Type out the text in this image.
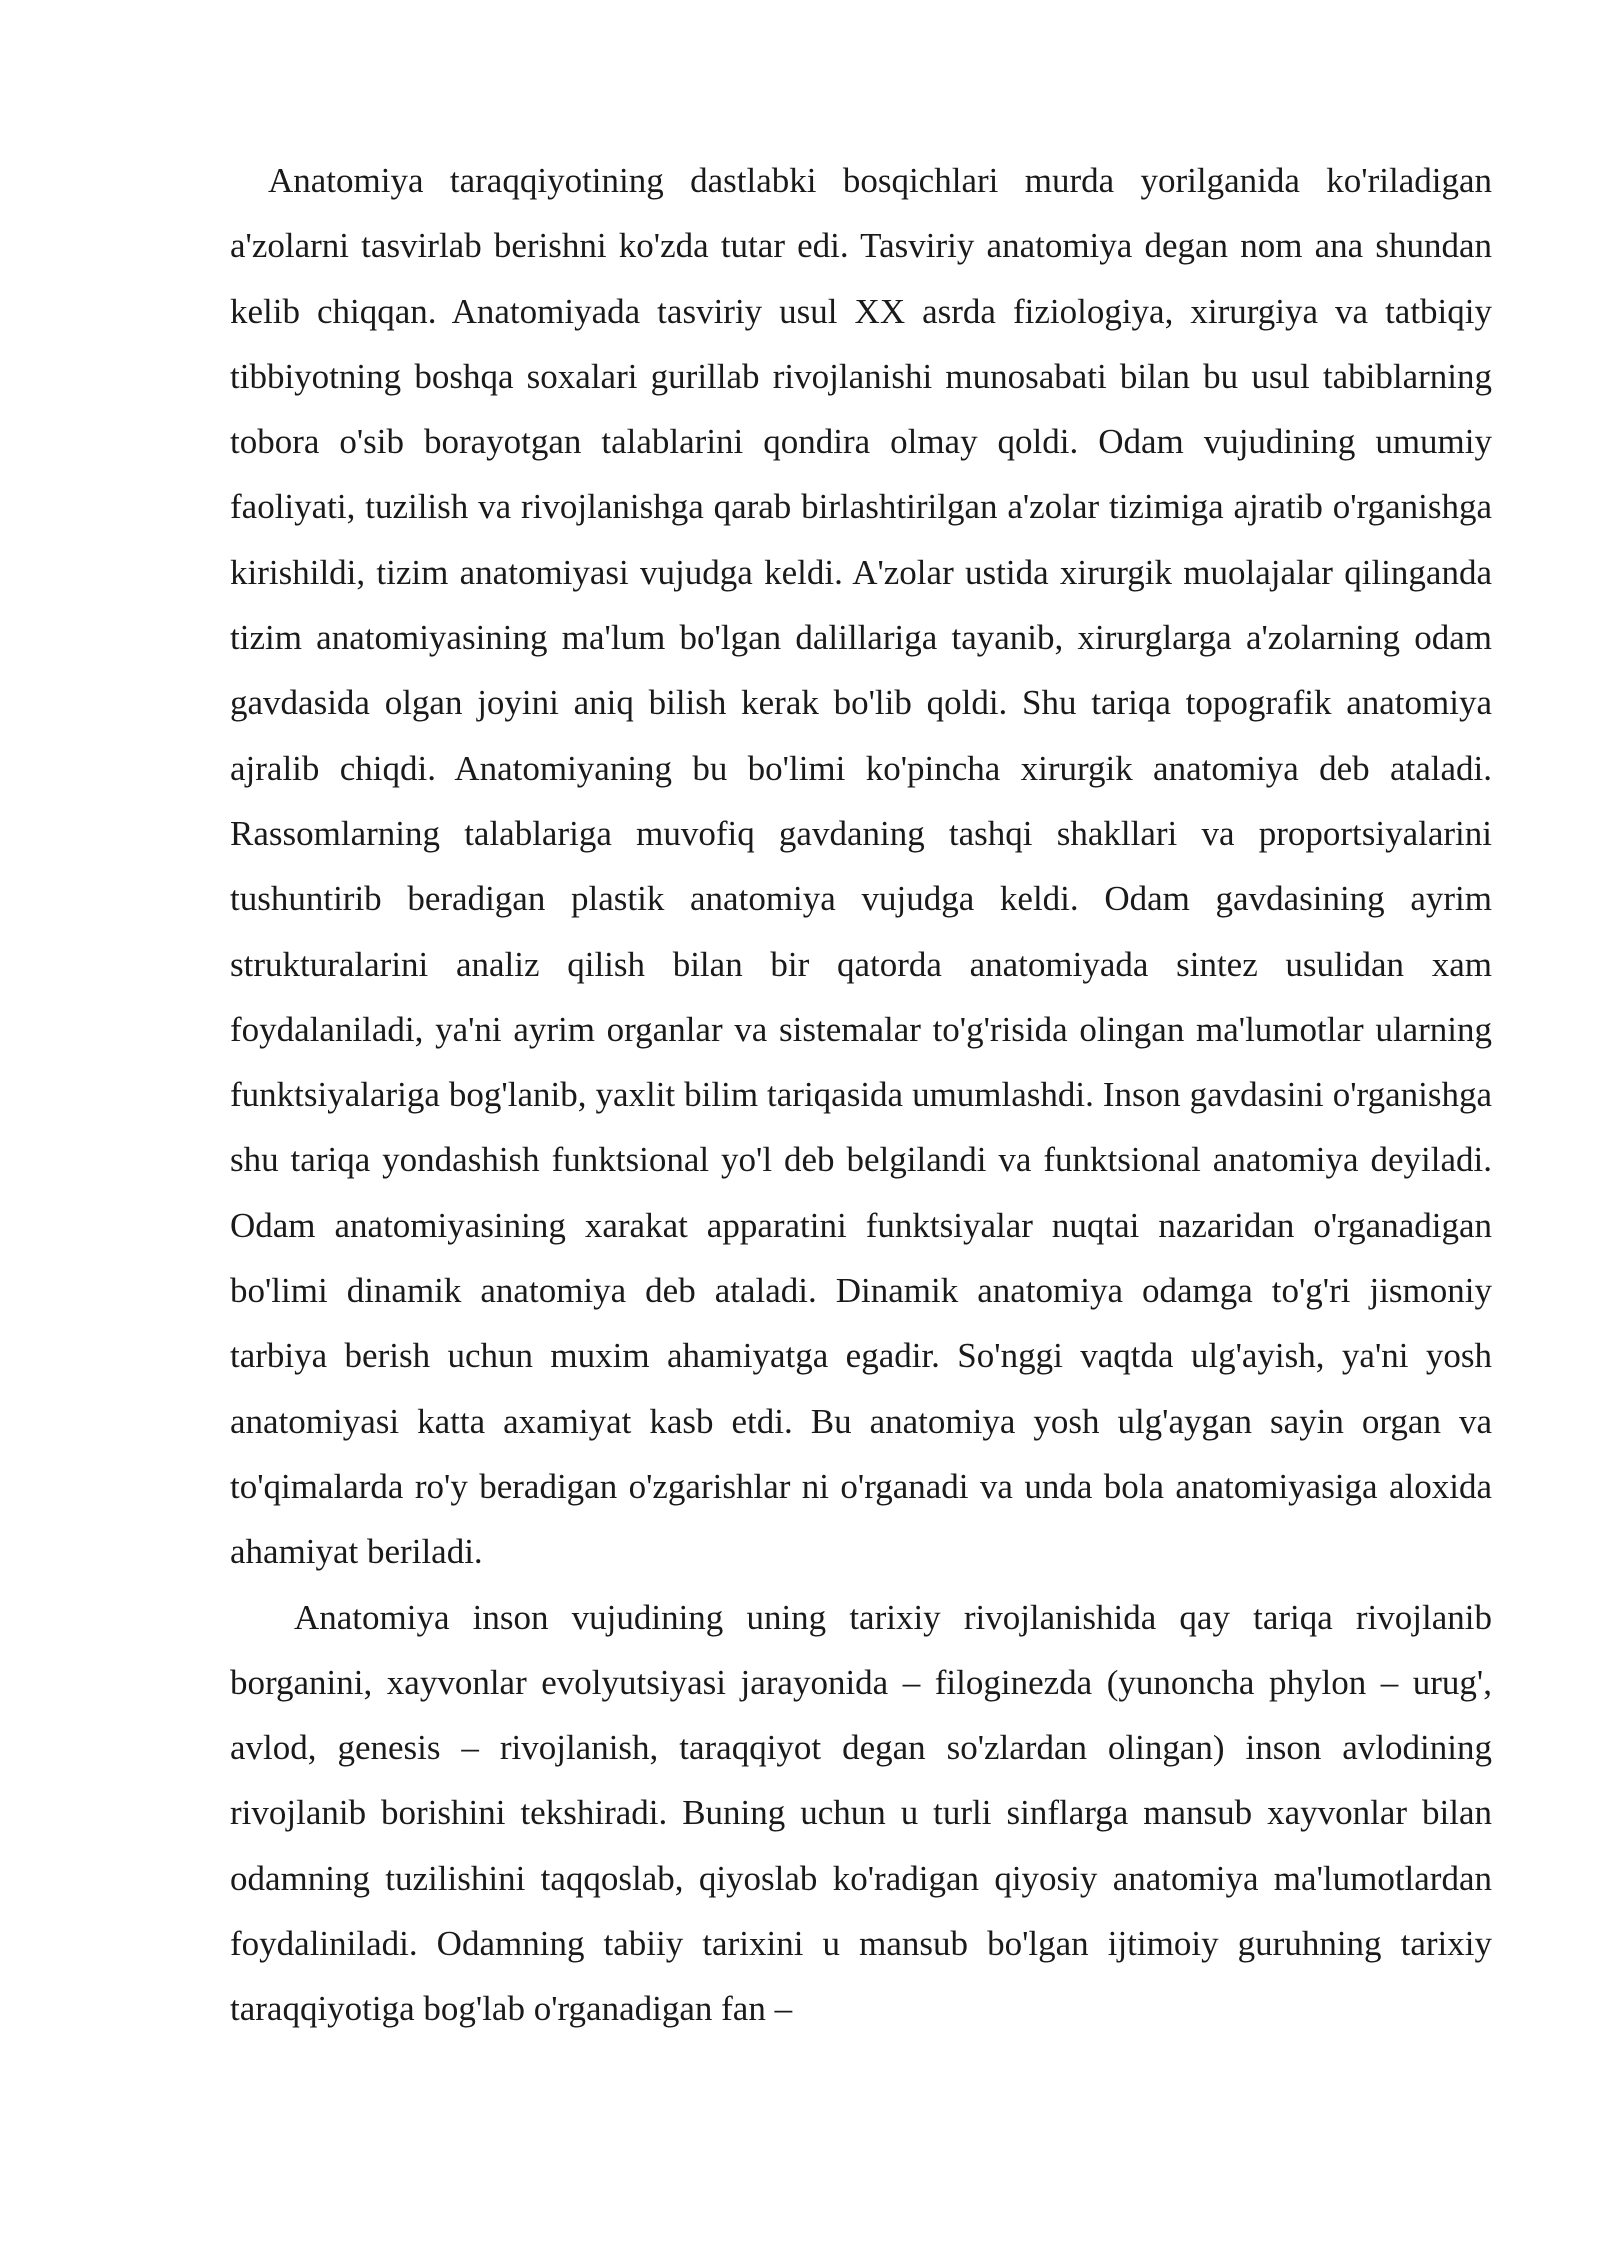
Anatomiya taraqqiyotining dastlabki bosqichlari murda yorilganida ko'riladigan a'zolarni tasvirlab berishni ko'zda tutar edi. Tasviriy anatomiya degan nom ana shundan kelib chiqqan. Anatomiyada tasviriy usul XX asrda fiziologiya, xirurgiya va tatbiqiy tibbiyotning boshqa soxalari gurillab rivojlanishi munosabati bilan bu usul tabiblarning tobora o'sib borayotgan talablarini qondira olmay qoldi. Odam vujudining umumiy faoliyati, tuzilish va rivojlanishga qarab birlashtirilgan a'zolar tizimiga ajratib o'rganishga kirishildi, tizim anatomiyasi vujudga keldi. A'zolar ustida xirurgik muolajalar qilinganda tizim anatomiyasining ma'lum bo'lgan dalillariga tayanib, xirurglarga a'zolarning odam gavdasida olgan joyini aniq bilish kerak bo'lib qoldi. Shu tariqa topografik anatomiya ajralib chiqdi. Anatomiyaning bu bo'limi ko'pincha xirurgik anatomiya deb ataladi. Rassomlarning talablariga muvofiq gavdaning tashqi shakllari va proportsiyalarini tushuntirib beradigan plastik anatomiya vujudga keldi. Odam gavdasining ayrim strukturalarini analiz qilish bilan bir qatorda anatomiyada sintez usulidan xam foydalaniladi, ya'ni ayrim organlar va sistemalar to'g'risida olingan ma'lumotlar ularning funktsiyalariga bog'lanib, yaxlit bilim tariqasida umumlashdi. Inson gavdasini o'rganishga shu tariqa yondashish funktsional yo'l deb belgilandi va funktsional anatomiya deyiladi. Odam anatomiyasining xarakat apparatini funktsiyalar nuqtai nazaridan o'rganadigan bo'limi dinamik anatomiya deb ataladi. Dinamik anatomiya odamga to'g'ri jismoniy tarbiya berish uchun muxim ahamiyatga egadir. So'nggi vaqtda ulg'ayish, ya'ni yosh anatomiyasi katta axamiyat kasb etdi. Bu anatomiya yosh ulg'aygan sayin organ va to'qimalarda ro'y beradigan o'zgarishlar ni o'rganadi va unda bola anatomiyasiga aloxida ahamiyat beriladi.

Anatomiya inson vujudining uning tarixiy rivojlanishida qay tariqa rivojlanib borganini, xayvonlar evolyutsiyasi jarayonida – filoginezda (yunoncha phylon – urug', avlod, genesis – rivojlanish, taraqqiyot degan so'zlardan olingan) inson avlodining rivojlanib borishini tekshiradi. Buning uchun u turli sinflarga mansub xayvonlar bilan odamning tuzilishini taqqoslab, qiyoslab ko'radigan qiyosiy anatomiya ma'lumotlardan foydaliniladi. Odamning tabiiy tarixini u mansub bo'lgan ijtimoiy guruhning tarixiy taraqqiyotiga bog'lab o'rganadigan fan –
